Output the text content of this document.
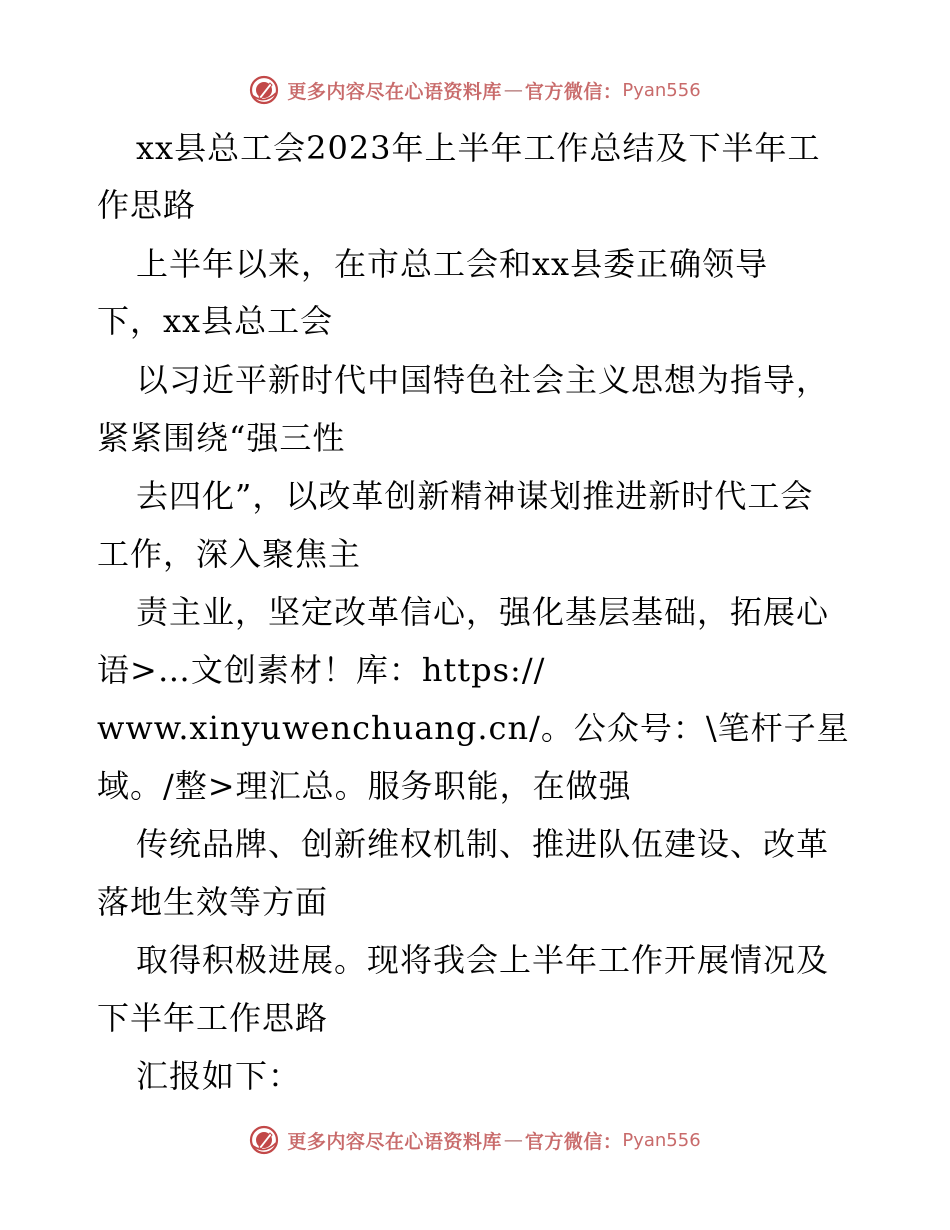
更多内容尽在心语资料库 — 官方微信： Pyan556
xx县总工会2023年上半年工作总结及下半年工
作思路
上半年以来，在市总工会和xx县委正确领导
下，xx县总工会
以习近平新时代中国特色社会主义思想为指导，
紧紧围绕“强三性
去四化”，以改革创新精神谋划推进新时代工会
工作，深入聚焦主
责主业，坚定改革信心，强化基层基础，拓展心
语>…文创素材！库：https://
www.xinyuwenchuang.cn/。公众号：\笔杆子星
域。/整>理汇总。服务职能，在做强
传统品牌、创新维权机制、推进队伍建设、改革
落地生效等方面
取得积极进展。现将我会上半年工作开展情况及
下半年工作思路
汇报如下：
更多内容尽在心语资料库 — 官方微信： Pyan556
